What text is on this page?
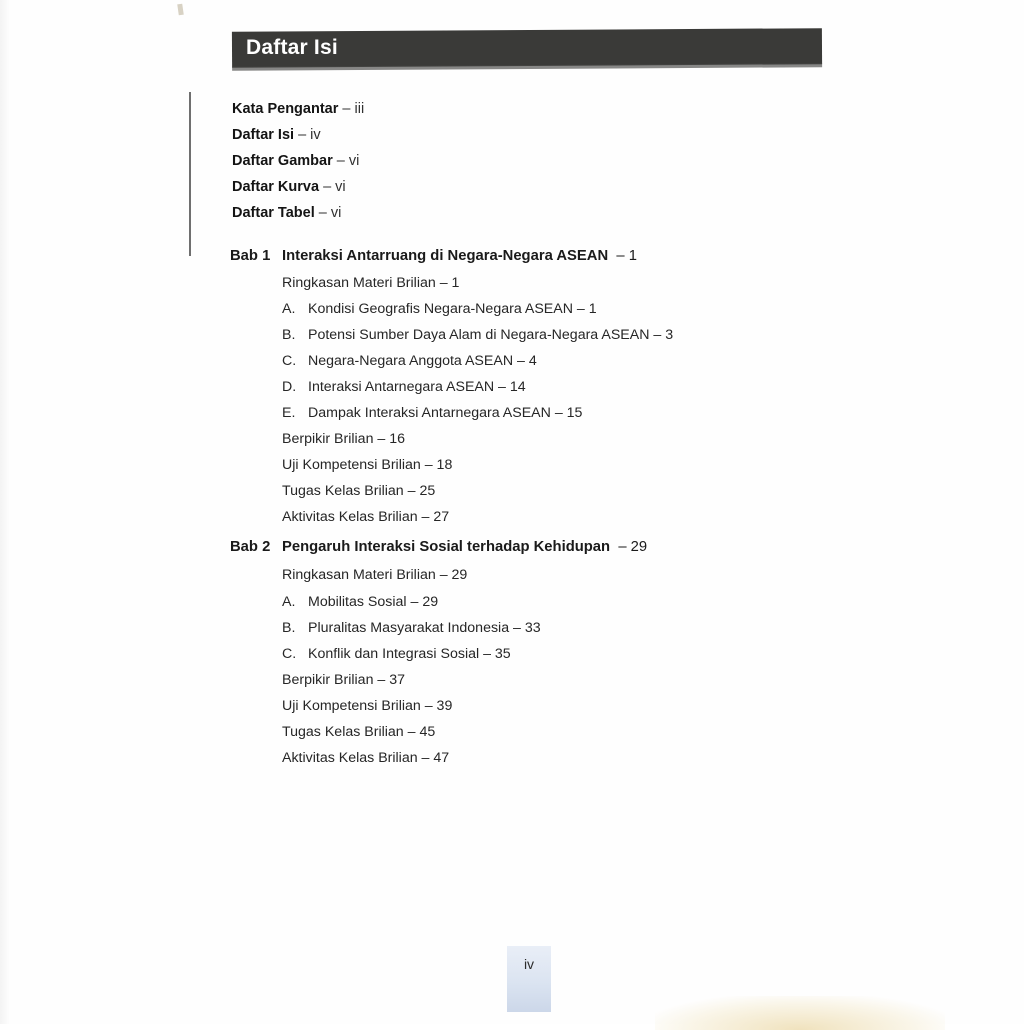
Daftar Isi
Kata Pengantar – iii
Daftar Isi – iv
Daftar Gambar – vi
Daftar Kurva – vi
Daftar Tabel – vi
Bab 1 Interaksi Antarruang di Negara-Negara ASEAN – 1
Ringkasan Materi Brilian – 1
A. Kondisi Geografis Negara-Negara ASEAN – 1
B. Potensi Sumber Daya Alam di Negara-Negara ASEAN – 3
C. Negara-Negara Anggota ASEAN – 4
D. Interaksi Antarnegara ASEAN – 14
E. Dampak Interaksi Antarnegara ASEAN – 15
Berpikir Brilian – 16
Uji Kompetensi Brilian – 18
Tugas Kelas Brilian – 25
Aktivitas Kelas Brilian – 27
Bab 2 Pengaruh Interaksi Sosial terhadap Kehidupan – 29
Ringkasan Materi Brilian – 29
A. Mobilitas Sosial – 29
B. Pluralitas Masyarakat Indonesia – 33
C. Konflik dan Integrasi Sosial – 35
Berpikir Brilian – 37
Uji Kompetensi Brilian – 39
Tugas Kelas Brilian – 45
Aktivitas Kelas Brilian – 47
iv
